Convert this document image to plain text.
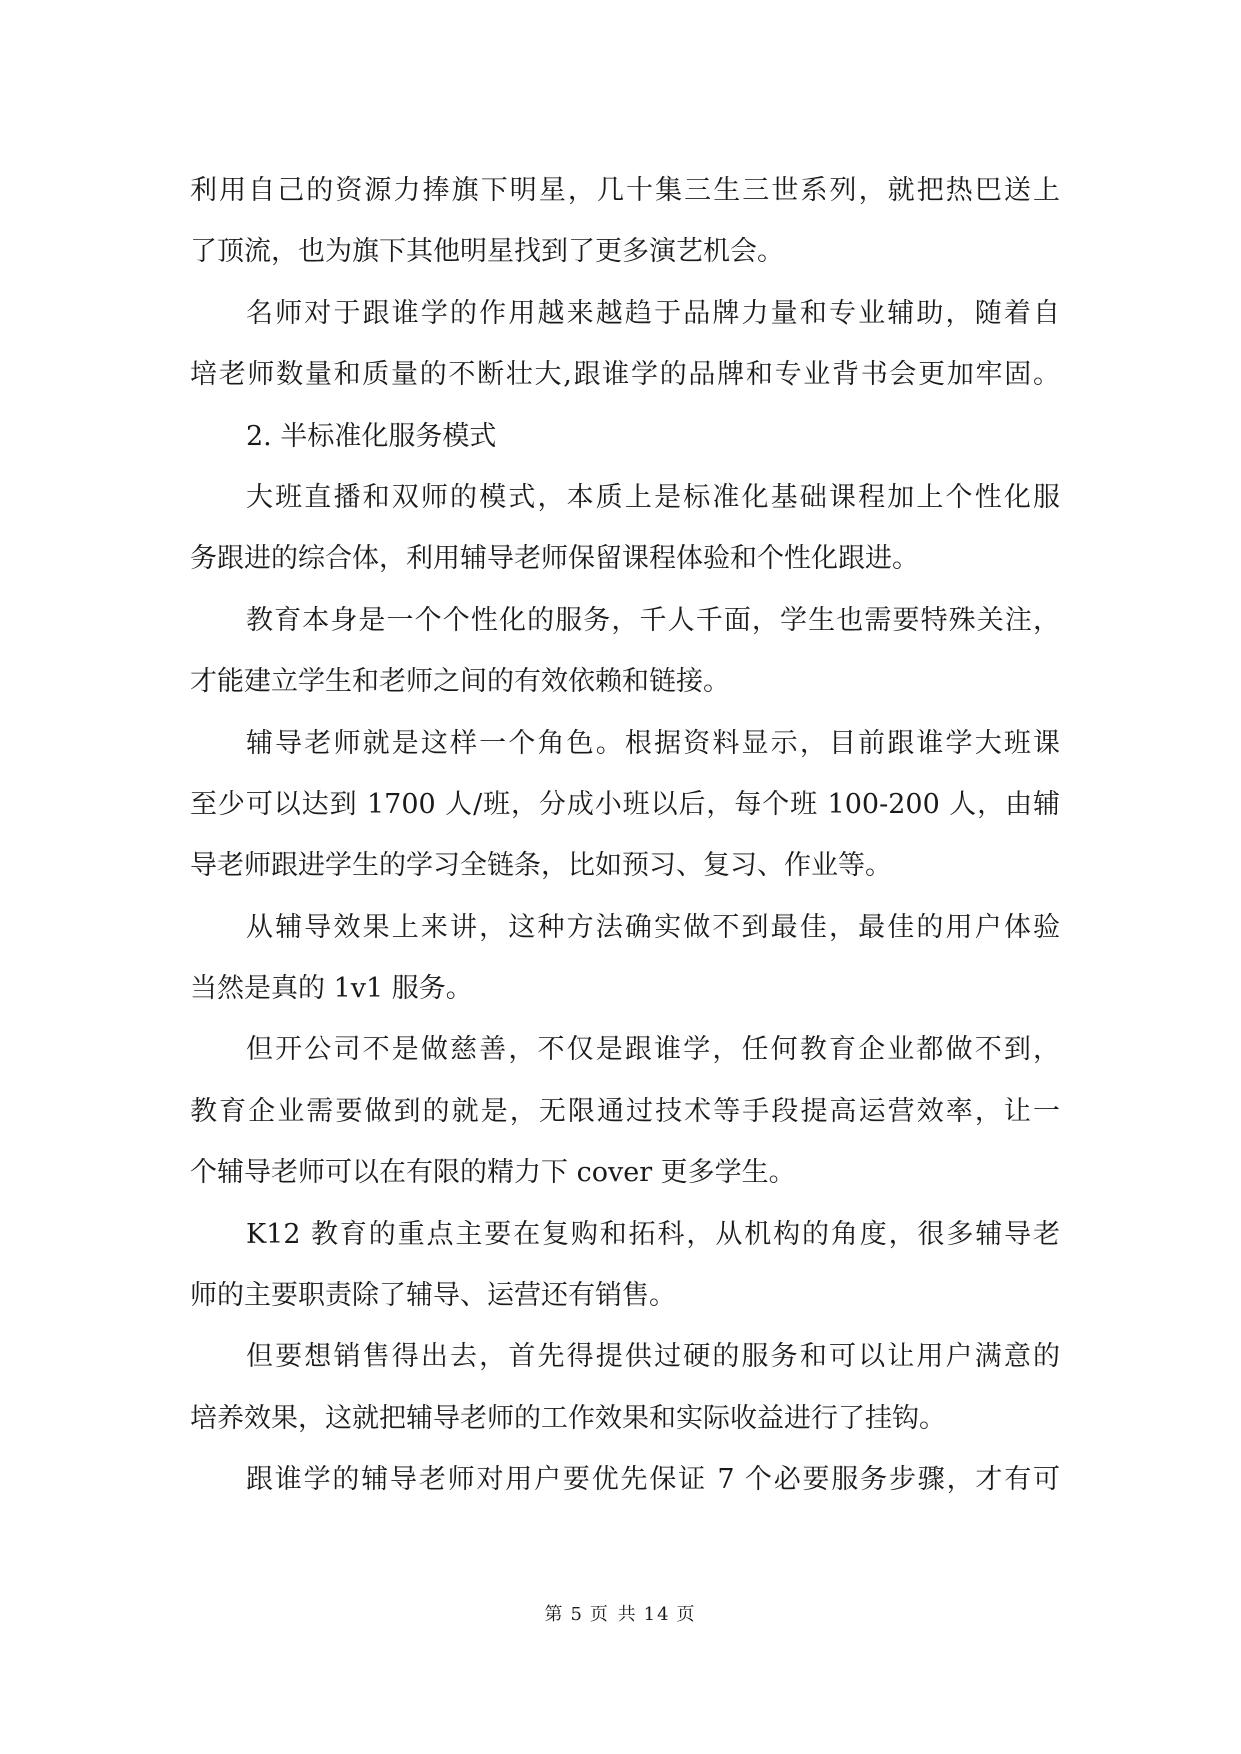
利用自己的资源力捧旗下明星，几十集三生三世系列，就把热巴送上
了顶流，也为旗下其他明星找到了更多演艺机会。
名师对于跟谁学的作用越来越趋于品牌力量和专业辅助，随着自
培老师数量和质量的不断壮大,跟谁学的品牌和专业背书会更加牢固。
2. 半标准化服务模式
大班直播和双师的模式，本质上是标准化基础课程加上个性化服
务跟进的综合体，利用辅导老师保留课程体验和个性化跟进。
教育本身是一个个性化的服务，千人千面，学生也需要特殊关注，
才能建立学生和老师之间的有效依赖和链接。
辅导老师就是这样一个角色。根据资料显示，目前跟谁学大班课
至少可以达到 1700 人/班，分成小班以后，每个班 100-200 人，由辅
导老师跟进学生的学习全链条，比如预习、复习、作业等。
从辅导效果上来讲，这种方法确实做不到最佳，最佳的用户体验
当然是真的 1v1 服务。
但开公司不是做慈善，不仅是跟谁学，任何教育企业都做不到，
教育企业需要做到的就是，无限通过技术等手段提高运营效率，让一
个辅导老师可以在有限的精力下 cover 更多学生。
K12 教育的重点主要在复购和拓科，从机构的角度，很多辅导老
师的主要职责除了辅导、运营还有销售。
但要想销售得出去，首先得提供过硬的服务和可以让用户满意的
培养效果，这就把辅导老师的工作效果和实际收益进行了挂钩。
跟谁学的辅导老师对用户要优先保证 7 个必要服务步骤，才有可
第 5 页 共 14 页
